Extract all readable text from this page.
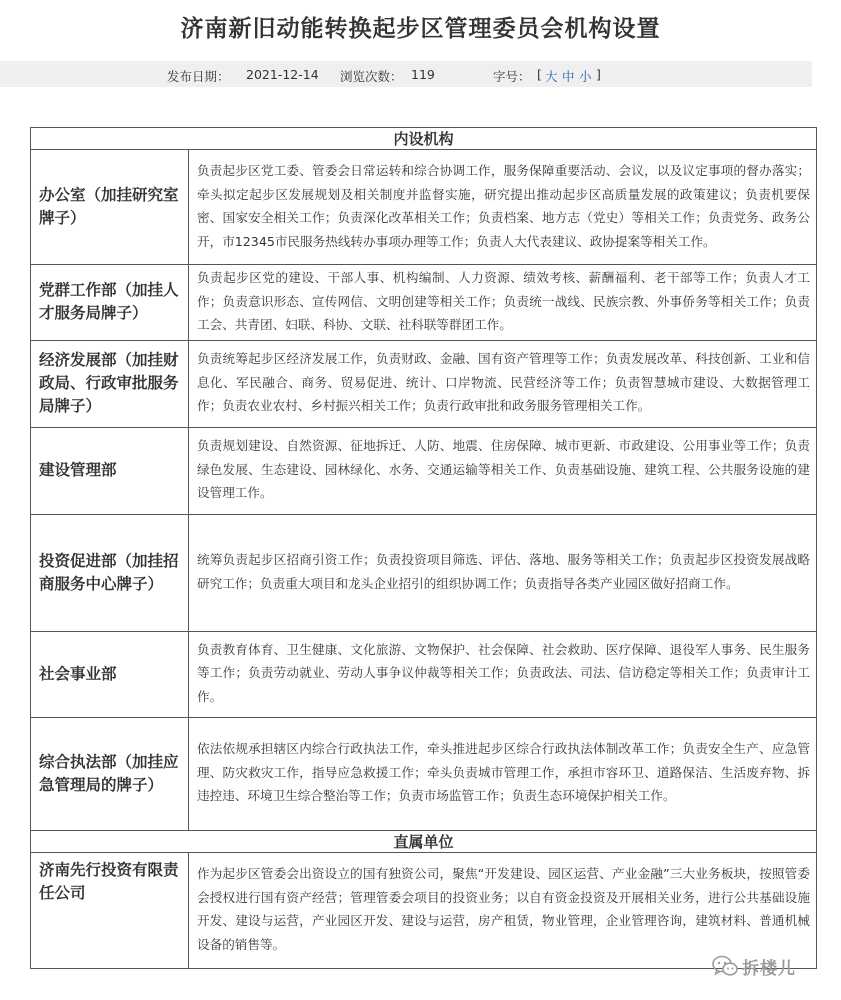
济南新旧动能转换起步区管理委员会机构设置
发布日期： 2021-12-14 浏览次数： 119	字号： [ 大 中 小 ]
内设机构	
办公室（加挂研究室牌子）	负责起步区党工委、管委会日常运转和综合协调工作，服务保障重要活动、会议，以及议定事项的督办落实；牵头拟定起步区发展规划及相关制度并监督实施，研究提出推动起步区高质量发展的政策建议；负责机要保密、国家安全相关工作；负责深化改革相关工作；负责档案、地方志（党史）等相关工作；负责党务、政务公开，市12345市民服务热线转办事项办理等工作；负责人大代表建议、政协提案等相关工作。
党群工作部（加挂人才服务局牌子）	负责起步区党的建设、干部人事、机构编制、人力资源、绩效考核、薪酬福利、老干部等工作；负责人才工作；负责意识形态、宣传网信、文明创建等相关工作；负责统一战线、民族宗教、外事侨务等相关工作；负责工会、共青团、妇联、科协、文联、社科联等群团工作。
经济发展部（加挂财政局、行政审批服务局牌子）	负责统筹起步区经济发展工作，负责财政、金融、国有资产管理等工作；负责发展改革、科技创新、工业和信息化、军民融合、商务、贸易促进、统计、口岸物流、民营经济等工作；负责智慧城市建设、大数据管理工作；负责农业农村、乡村振兴相关工作；负责行政审批和政务服务管理相关工作。
建设管理部	负责规划建设、自然资源、征地拆迁、人防、地震、住房保障、城市更新、市政建设、公用事业等工作；负责绿色发展、生态建设、园林绿化、水务、交通运输等相关工作、负责基础设施、建筑工程、公共服务设施的建设管理工作。
投资促进部（加挂招商服务中心牌子）	统筹负责起步区招商引资工作；负责投资项目筛选、评估、落地、服务等相关工作；负责起步区投资发展战略研究工作；负责重大项目和龙头企业招引的组织协调工作；负责指导各类产业园区做好招商工作。
社会事业部	负责教育体育、卫生健康、文化旅游、文物保护、社会保障、社会救助、医疗保障、退役军人事务、民生服务等工作；负责劳动就业、劳动人事争议仲裁等相关工作；负责政法、司法、信访稳定等相关工作；负责审计工作。
综合执法部（加挂应急管理局的牌子）	依法依规承担辖区内综合行政执法工作，牵头推进起步区综合行政执法体制改革工作；负责安全生产、应急管理、防灾救灾工作，指导应急救援工作；牵头负责城市管理工作，承担市容环卫、道路保洁、生活废弃物、拆违控违、环境卫生综合整治等工作；负责市场监管工作；负责生态环境保护相关工作。
直属单位	
济南先行投资有限责任公司	作为起步区管委会出资设立的国有独资公司，聚焦“开发建设、园区运营、产业金融”三大业务板块，按照管委会授权进行国有资产经营；管理管委会项目的投资业务；以自有资金投资及开展相关业务，进行公共基础设施开发、建设与运营，产业园区开发、建设与运营，房产租赁，物业管理，企业管理咨询，建筑材料、普通机械设备的销售等。
拆楼儿
